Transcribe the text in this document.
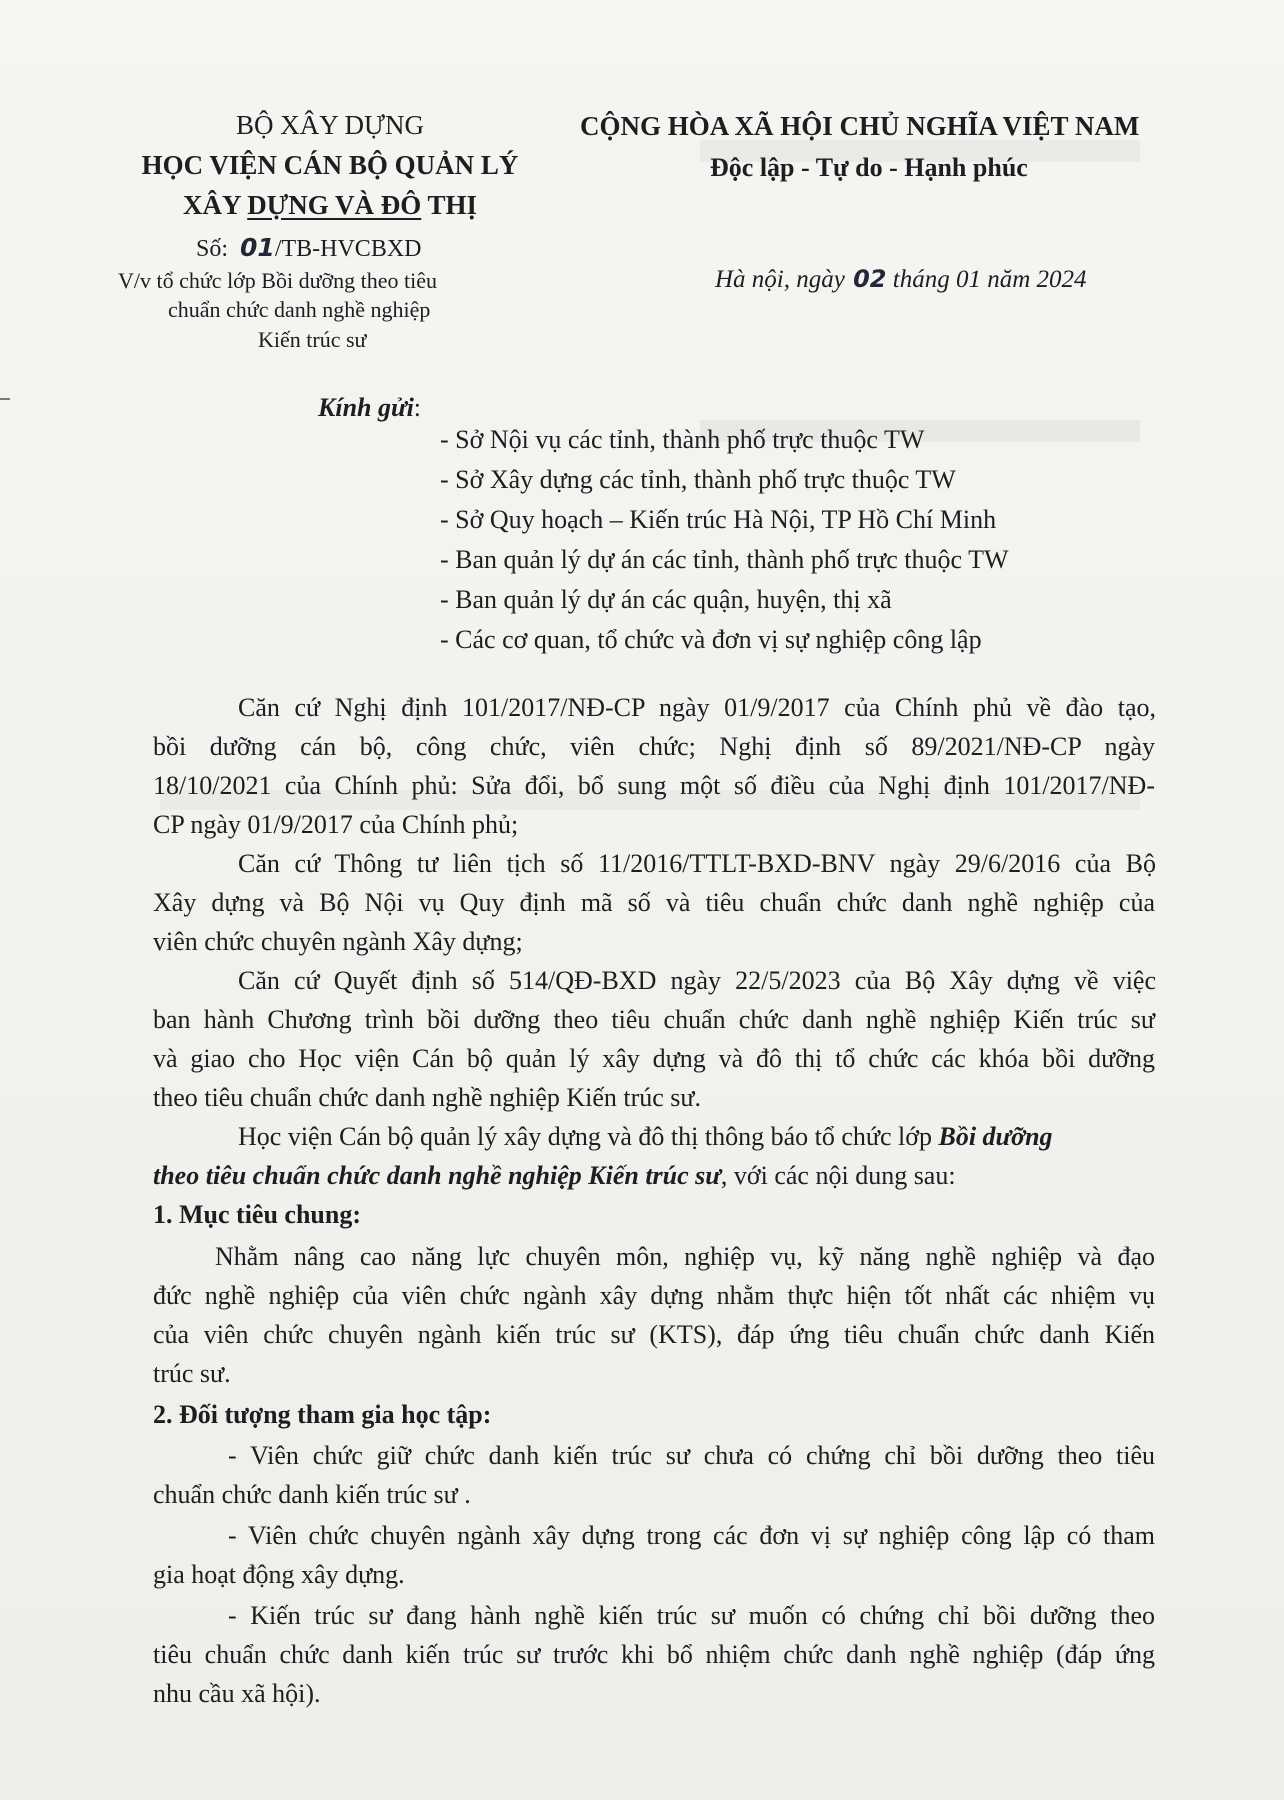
BỘ XÂY DỰNG
HỌC VIỆN CÁN BỘ QUẢN LÝ
XÂY DỰNG VÀ ĐÔ THỊ
Số: 01/TB-HVCBXD
V/v tổ chức lớp Bồi dưỡng theo tiêu
chuẩn chức danh nghề nghiệp
Kiến trúc sư
CỘNG HÒA XÃ HỘI CHỦ NGHĨA VIỆT NAM
Độc lập - Tự do - Hạnh phúc
Hà nội, ngày 02 tháng 01 năm 2024
Kính gửi:
- Sở Nội vụ các tỉnh, thành phố trực thuộc TW
- Sở Xây dựng các tỉnh, thành phố trực thuộc TW
- Sở Quy hoạch – Kiến trúc Hà Nội, TP Hồ Chí Minh
- Ban quản lý dự án các tỉnh, thành phố trực thuộc TW
- Ban quản lý dự án các quận, huyện, thị xã
- Các cơ quan, tổ chức và đơn vị sự nghiệp công lập
Căn cứ Nghị định 101/2017/NĐ-CP ngày 01/9/2017 của Chính phủ về đào tạo,
bồi dưỡng cán bộ, công chức, viên chức; Nghị định số 89/2021/NĐ-CP ngày
18/10/2021 của Chính phủ: Sửa đổi, bổ sung một số điều của Nghị định 101/2017/NĐ-
CP ngày 01/9/2017 của Chính phủ;
Căn cứ Thông tư liên tịch số 11/2016/TTLT-BXD-BNV ngày 29/6/2016 của Bộ
Xây dựng và Bộ Nội vụ Quy định mã số và tiêu chuẩn chức danh nghề nghiệp của
viên chức chuyên ngành Xây dựng;
Căn cứ Quyết định số 514/QĐ-BXD ngày 22/5/2023 của Bộ Xây dựng về việc
ban hành Chương trình bồi dưỡng theo tiêu chuẩn chức danh nghề nghiệp Kiến trúc sư
và giao cho Học viện Cán bộ quản lý xây dựng và đô thị tổ chức các khóa bồi dưỡng
theo tiêu chuẩn chức danh nghề nghiệp Kiến trúc sư.
Học viện Cán bộ quản lý xây dựng và đô thị thông báo tổ chức lớp Bồi dưỡng
theo tiêu chuẩn chức danh nghề nghiệp Kiến trúc sư, với các nội dung sau:
1. Mục tiêu chung:
Nhằm nâng cao năng lực chuyên môn, nghiệp vụ, kỹ năng nghề nghiệp và đạo
đức nghề nghiệp của viên chức ngành xây dựng nhằm thực hiện tốt nhất các nhiệm vụ
của viên chức chuyên ngành kiến trúc sư (KTS), đáp ứng tiêu chuẩn chức danh Kiến
trúc sư.
2. Đối tượng tham gia học tập:
- Viên chức giữ chức danh kiến trúc sư chưa có chứng chỉ bồi dưỡng theo tiêu
chuẩn chức danh kiến trúc sư .
- Viên chức chuyên ngành xây dựng trong các đơn vị sự nghiệp công lập có tham
gia hoạt động xây dựng.
- Kiến trúc sư đang hành nghề kiến trúc sư muốn có chứng chỉ bồi dưỡng theo
tiêu chuẩn chức danh kiến trúc sư trước khi bổ nhiệm chức danh nghề nghiệp (đáp ứng
nhu cầu xã hội).
